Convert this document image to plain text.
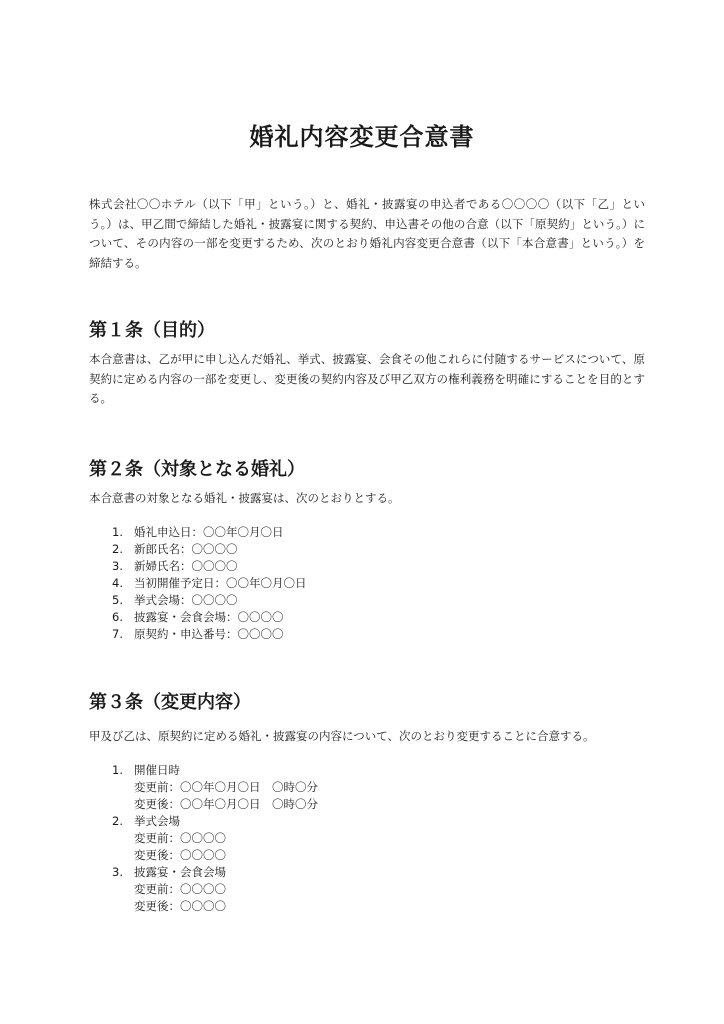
婚礼内容変更合意書

株式会社〇〇ホテル（以下「甲」という。）と、婚礼・披露宴の申込者である〇〇〇〇（以下「乙」という。）は、甲乙間で締結した婚礼・披露宴に関する契約、申込書その他の合意（以下「原契約」という。）について、その内容の一部を変更するため、次のとおり婚礼内容変更合意書（以下「本合意書」という。）を締結する。

第１条（目的）

本合意書は、乙が甲に申し込んだ婚礼、挙式、披露宴、会食その他これらに付随するサービスについて、原契約に定める内容の一部を変更し、変更後の契約内容及び甲乙双方の権利義務を明確にすることを目的とする。

第２条（対象となる婚礼）

本合意書の対象となる婚礼・披露宴は、次のとおりとする。

1. 婚礼申込日：〇〇年〇月〇日
2. 新郎氏名：〇〇〇〇
3. 新婦氏名：〇〇〇〇
4. 当初開催予定日：〇〇年〇月〇日
5. 挙式会場：〇〇〇〇
6. 披露宴・会食会場：〇〇〇〇
7. 原契約・申込番号：〇〇〇〇
第３条（変更内容）

甲及び乙は、原契約に定める婚礼・披露宴の内容について、次のとおり変更することに合意する。

1. 開催日時
変更前：〇〇年〇月〇日　〇時〇分
変更後：〇〇年〇月〇日　〇時〇分
2. 挙式会場
変更前：〇〇〇〇
変更後：〇〇〇〇
3. 披露宴・会食会場
変更前：〇〇〇〇
変更後：〇〇〇〇
